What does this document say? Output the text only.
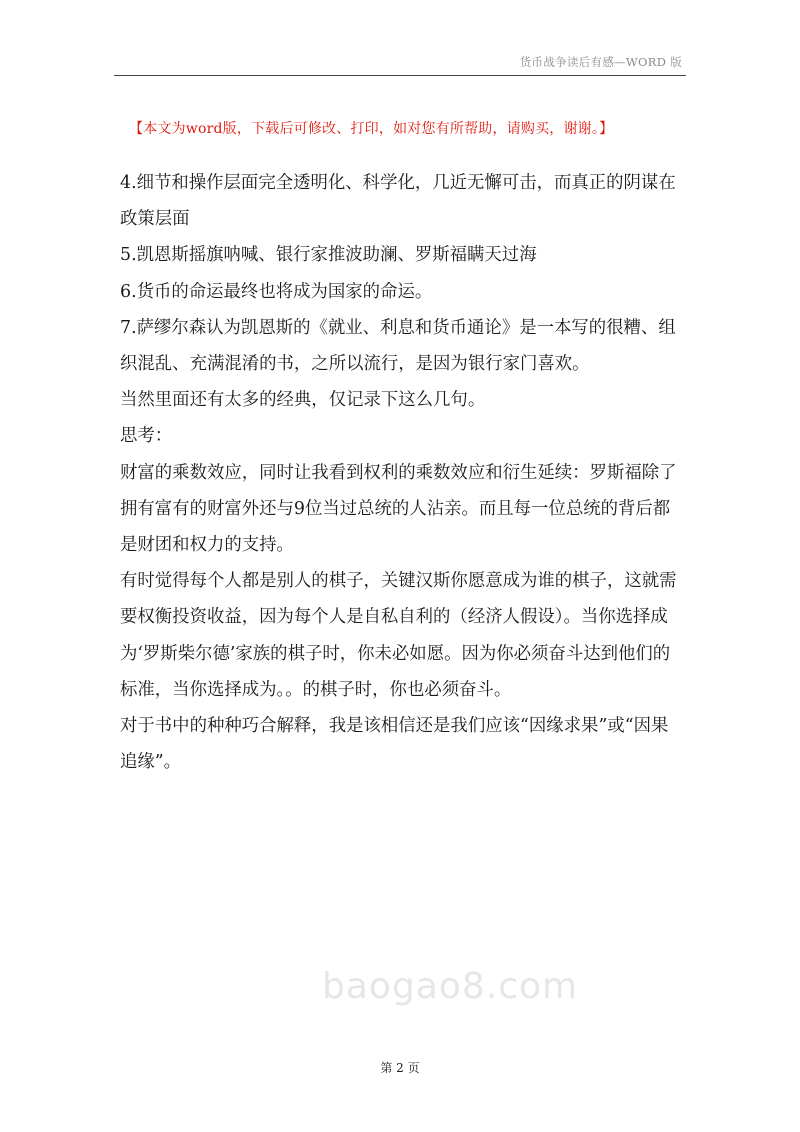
货币战争读后有感—WORD 版
【本文为word版，下载后可修改、打印，如对您有所帮助，请购买，谢谢。】

4.细节和操作层面完全透明化、科学化，几近无懈可击，而真正的阴谋在政策层面

5.凯恩斯摇旗呐喊、银行家推波助澜、罗斯福瞒天过海

6.货币的命运最终也将成为国家的命运。

7.萨缪尔森认为凯恩斯的《就业、利息和货币通论》是一本写的很糟、组织混乱、充满混淆的书，之所以流行，是因为银行家门喜欢。

当然里面还有太多的经典，仅记录下这么几句。

思考：

财富的乘数效应，同时让我看到权利的乘数效应和衍生延续：罗斯福除了拥有富有的财富外还与9位当过总统的人沾亲。而且每一位总统的背后都是财团和权力的支持。

有时觉得每个人都是别人的棋子，关键汉斯你愿意成为谁的棋子，这就需要权衡投资收益，因为每个人是自私自利的（经济人假设）。当你选择成为‘罗斯柴尔德’家族的棋子时，你未必如愿。因为你必须奋斗达到他们的标准，当你选择成为。。的棋子时，你也必须奋斗。

对于书中的种种巧合解释，我是该相信还是我们应该“因缘求果”或“因果追缘”。

baogao8.com
第 2 页
